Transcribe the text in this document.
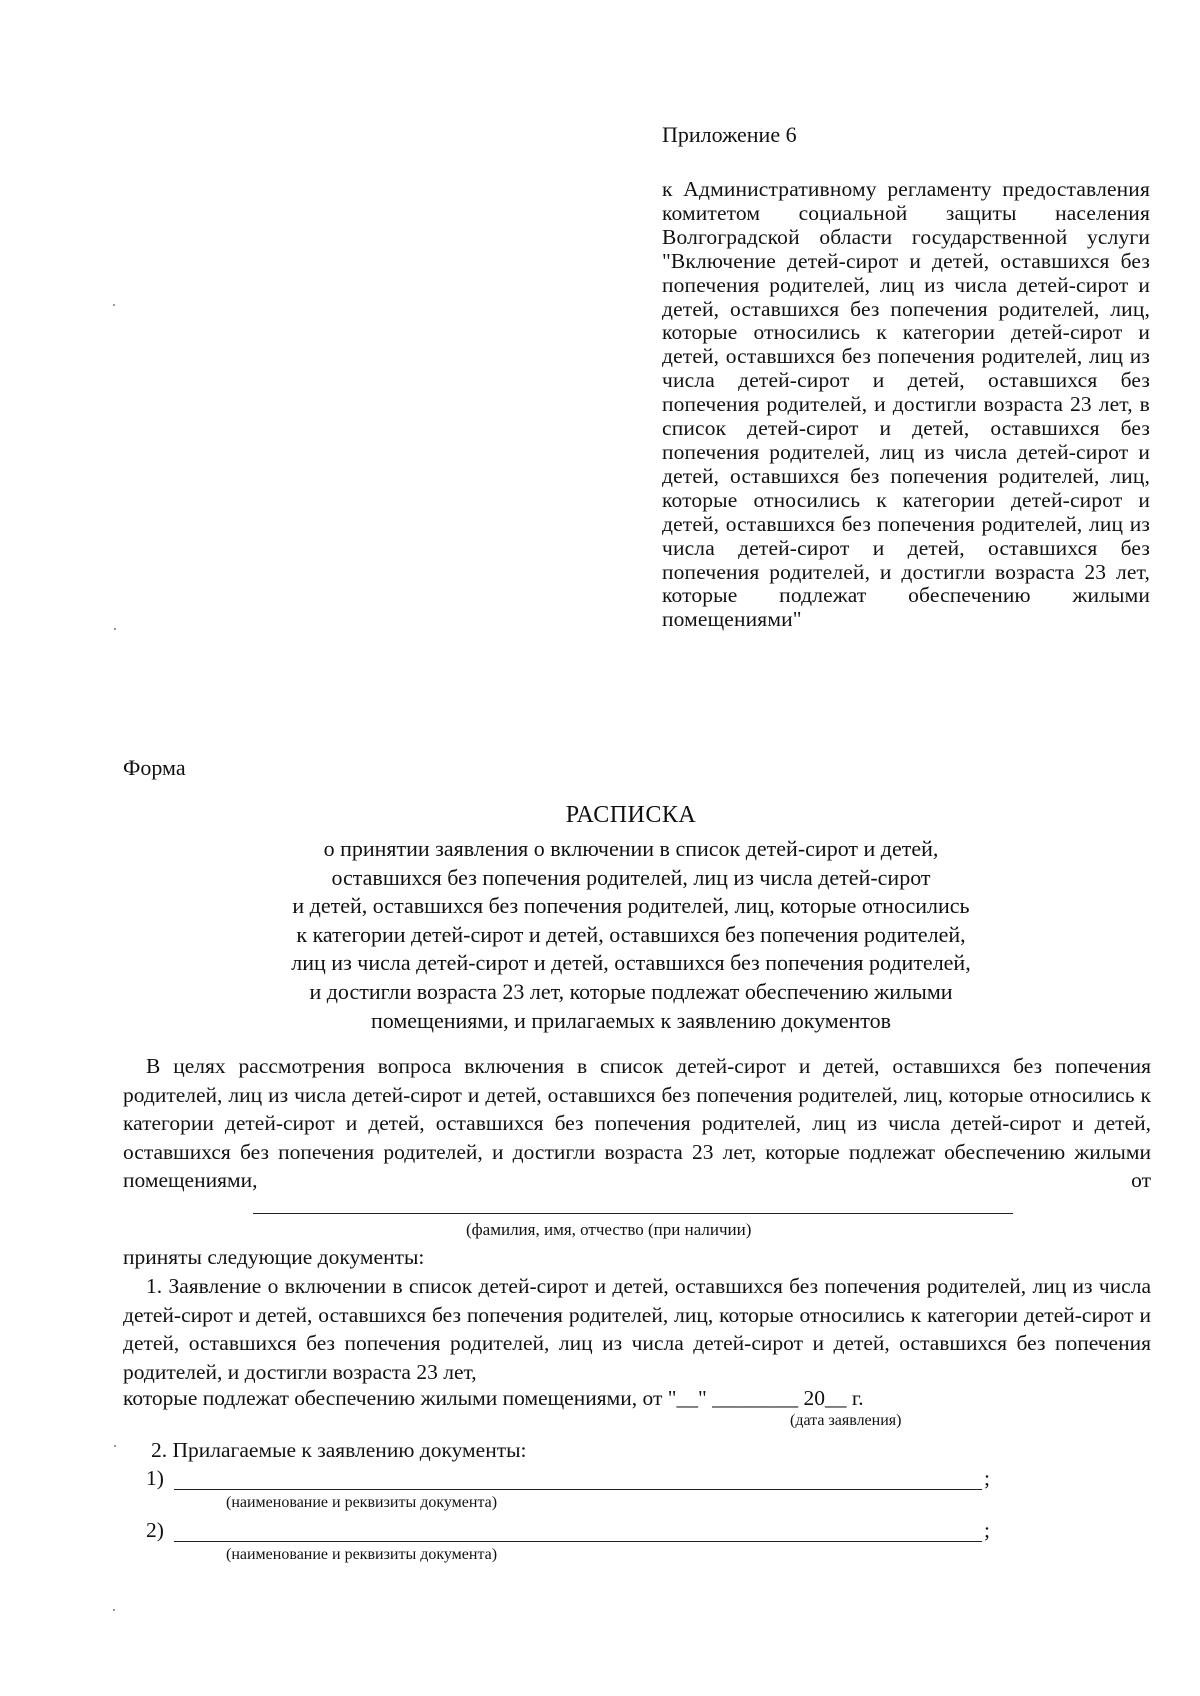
Приложение 6
к Административному регламенту предоставления комитетом социальной защиты населения Волгоградской области государственной услуги "Включение детей-сирот и детей, оставшихся без попечения родителей, лиц из числа детей-сирот и детей, оставшихся без попечения родителей, лиц, которые относились к категории детей-сирот и детей, оставшихся без попечения родителей, лиц из числа детей-сирот и детей, оставшихся без попечения родителей, и достигли возраста 23 лет, в список детей-сирот и детей, оставшихся без попечения родителей, лиц из числа детей-сирот и детей, оставшихся без попечения родителей, лиц, которые относились к категории детей-сирот и детей, оставшихся без попечения родителей, лиц из числа детей-сирот и детей, оставшихся без попечения родителей, и достигли возраста 23 лет, которые подлежат обеспечению жилыми помещениями"
Форма
РАСПИСКА
о принятии заявления о включении в список детей-сирот и детей,
оставшихся без попечения родителей, лиц из числа детей-сирот
и детей, оставшихся без попечения родителей, лиц, которые относились
к категории детей-сирот и детей, оставшихся без попечения родителей,
лиц из числа детей-сирот и детей, оставшихся без попечения родителей,
и достигли возраста 23 лет, которые подлежат обеспечению жилыми
помещениями, и прилагаемых к заявлению документов
В целях рассмотрения вопроса включения в список детей-сирот и детей, оставшихся без попечения родителей, лиц из числа детей-сирот и детей, оставшихся без попечения родителей, лиц, которые относились к категории детей-сирот и детей, оставшихся без попечения родителей, лиц из числа детей-сирот и детей, оставшихся без попечения родителей, и достигли возраста 23 лет, которые подлежат обеспечению жилыми помещениями, от
(фамилия, имя, отчество (при наличии)
приняты следующие документы:
1. Заявление о включении в список детей-сирот и детей, оставшихся без попечения родителей, лиц из числа детей-сирот и детей, оставшихся без попечения родителей, лиц, которые относились к категории детей-сирот и детей, оставшихся без попечения родителей, лиц из числа детей-сирот и детей, оставшихся без попечения родителей, и достигли возраста 23 лет,
которые подлежат обеспечению жилыми помещениями, от "__" ________ 20__ г.
(дата заявления)
2. Прилагаемые к заявлению документы:
1)	;
(наименование и реквизиты документа)
2)	;
(наименование и реквизиты документа)
